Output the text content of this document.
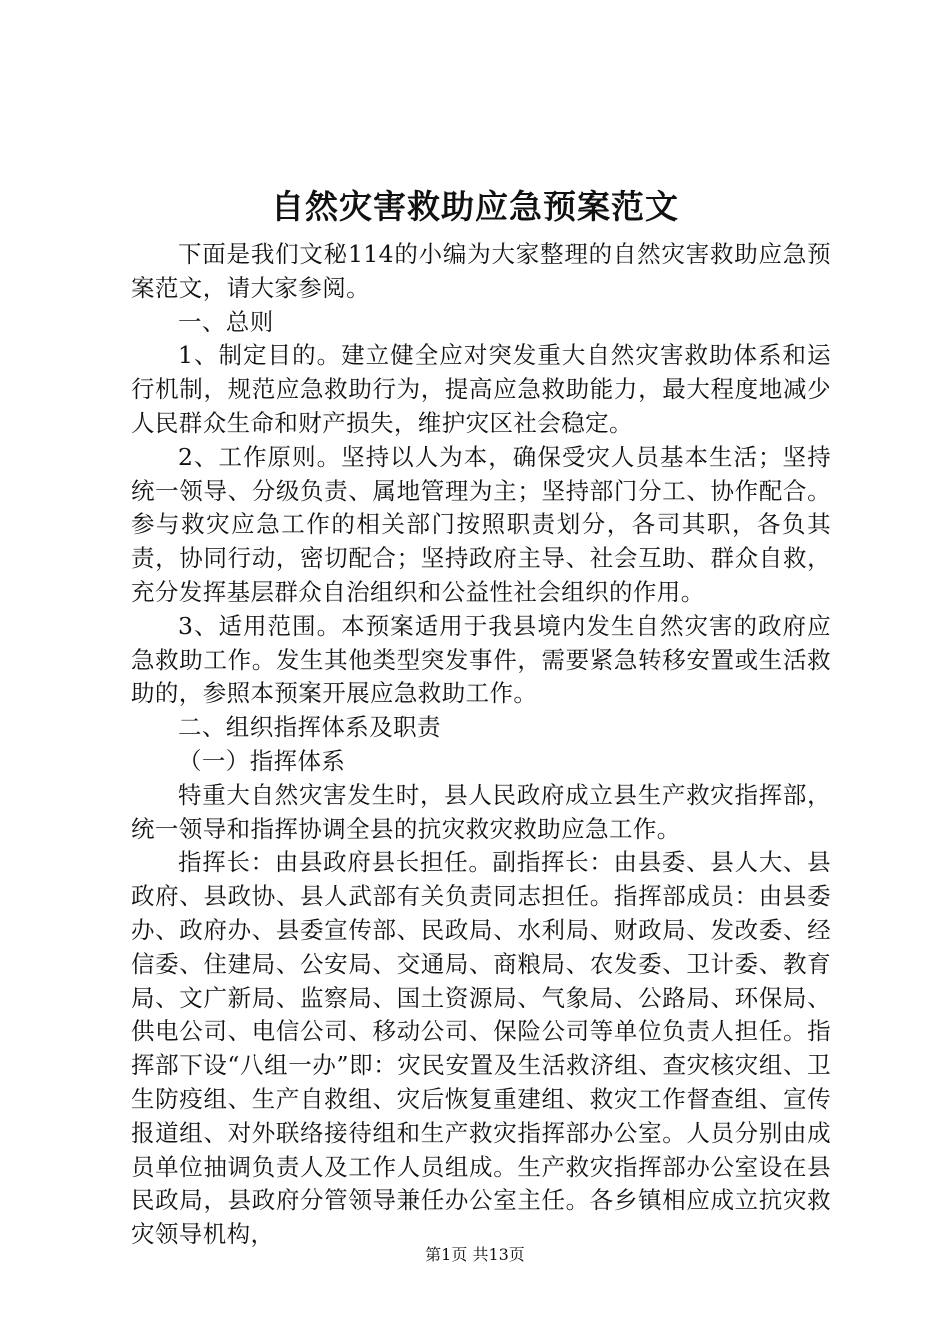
自然灾害救助应急预案范文

下面是我们文秘114的小编为大家整理的自然灾害救助应急预案范文，请大家参阅。

一、总则

1、制定目的。建立健全应对突发重大自然灾害救助体系和运行机制，规范应急救助行为，提高应急救助能力，最大程度地减少人民群众生命和财产损失，维护灾区社会稳定。

2、工作原则。坚持以人为本，确保受灾人员基本生活；坚持统一领导、分级负责、属地管理为主；坚持部门分工、协作配合。参与救灾应急工作的相关部门按照职责划分，各司其职，各负其责，协同行动，密切配合；坚持政府主导、社会互助、群众自救，充分发挥基层群众自治组织和公益性社会组织的作用。

3、适用范围。本预案适用于我县境内发生自然灾害的政府应急救助工作。发生其他类型突发事件，需要紧急转移安置或生活救助的，参照本预案开展应急救助工作。

二、组织指挥体系及职责

（一）指挥体系

特重大自然灾害发生时，县人民政府成立县生产救灾指挥部，统一领导和指挥协调全县的抗灾救灾救助应急工作。

指挥长：由县政府县长担任。副指挥长：由县委、县人大、县政府、县政协、县人武部有关负责同志担任。指挥部成员：由县委办、政府办、县委宣传部、民政局、水利局、财政局、发改委、经信委、住建局、公安局、交通局、商粮局、农发委、卫计委、教育局、文广新局、监察局、国土资源局、气象局、公路局、环保局、供电公司、电信公司、移动公司、保险公司等单位负责人担任。指挥部下设“八组一办”即：灾民安置及生活救济组、查灾核灾组、卫生防疫组、生产自救组、灾后恢复重建组、救灾工作督查组、宣传报道组、对外联络接待组和生产救灾指挥部办公室。人员分别由成员单位抽调负责人及工作人员组成。生产救灾指挥部办公室设在县民政局，县政府分管领导兼任办公室主任。各乡镇相应成立抗灾救灾领导机构，

第1页 共13页
